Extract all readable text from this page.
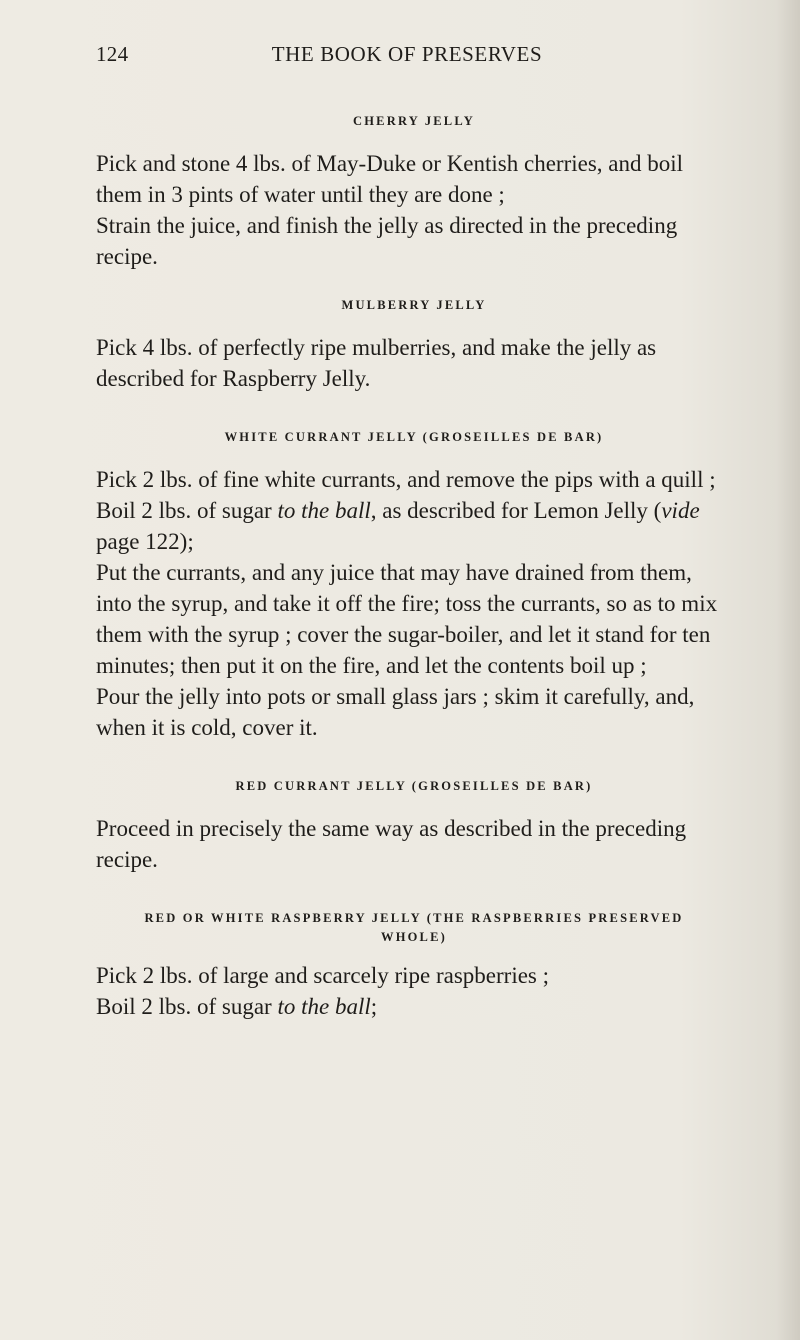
124	THE BOOK OF PRESERVES

CHERRY JELLY

Pick and stone 4 lbs. of May-Duke or Kentish cherries, and boil them in 3 pints of water until they are done ;

Strain the juice, and finish the jelly as directed in the preceding recipe.

MULBERRY JELLY

Pick 4 lbs. of perfectly ripe mulberries, and make the jelly as described for Raspberry Jelly.

WHITE CURRANT JELLY (GROSEILLES DE BAR)

Pick 2 lbs. of fine white currants, and remove the pips with a quill ;

Boil 2 lbs. of sugar to the ball, as described for Lemon Jelly (vide page 122);

Put the currants, and any juice that may have drained from them, into the syrup, and take it off the fire; toss the currants, so as to mix them with the syrup ; cover the sugar-boiler, and let it stand for ten minutes; then put it on the fire, and let the contents boil up ;

Pour the jelly into pots or small glass jars ; skim it carefully, and, when it is cold, cover it.

RED CURRANT JELLY (GROSEILLES DE BAR)

Proceed in precisely the same way as described in the preceding recipe.

RED OR WHITE RASPBERRY JELLY (THE RASPBERRIES PRESERVED WHOLE)

Pick 2 lbs. of large and scarcely ripe raspberries ;

Boil 2 lbs. of sugar to the ball;
